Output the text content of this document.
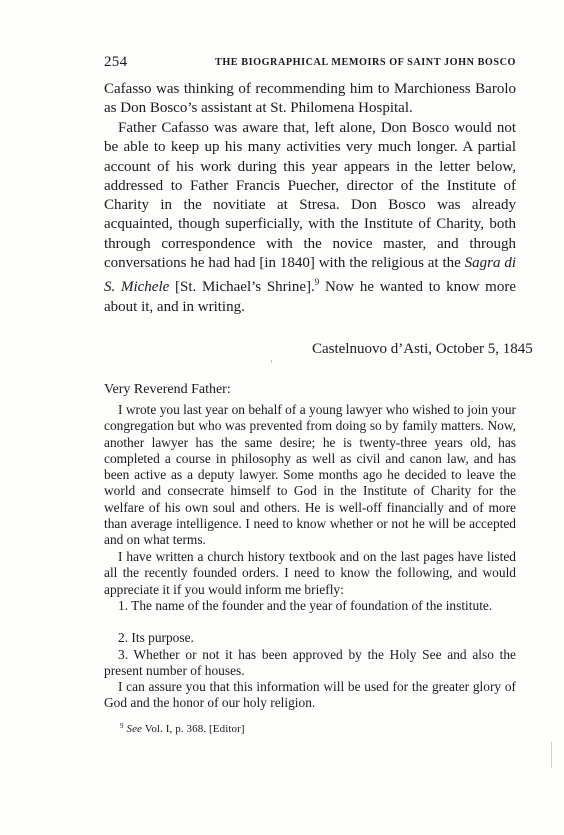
254	THE BIOGRAPHICAL MEMOIRS OF SAINT JOHN BOSCO

Cafasso was thinking of recommending him to Marchioness Barolo as Don Bosco’s assistant at St. Philomena Hospital.

Father Cafasso was aware that, left alone, Don Bosco would not be able to keep up his many activities very much longer. A partial account of his work during this year appears in the letter below, addressed to Father Francis Puecher, director of the Institute of Charity in the novitiate at Stresa. Don Bosco was already acquainted, though superficially, with the Institute of Charity, both through correspondence with the novice master, and through conversations he had had [in 1840] with the religious at the Sagra di S. Michele [St. Michael’s Shrine].$^9$ Now he wanted to know more about it, and in writing.

Castelnuovo d’Asti, October 5, 1845
Very Reverend Father:

I wrote you last year on behalf of a young lawyer who wished to join your congregation but who was prevented from doing so by family matters. Now, another lawyer has the same desire; he is twenty-three years old, has completed a course in philosophy as well as civil and canon law, and has been active as a deputy lawyer. Some months ago he decided to leave the world and consecrate himself to God in the Institute of Charity for the welfare of his own soul and others. He is well-off financially and of more than average intelligence. I need to know whether or not he will be accepted and on what terms.

I have written a church history textbook and on the last pages have listed all the recently founded orders. I need to know the following, and would appreciate it if you would inform me briefly:

1. The name of the founder and the year of foundation of the institute.

2. Its purpose.

3. Whether or not it has been approved by the Holy See and also the present number of houses.

I can assure you that this information will be used for the greater glory of God and the honor of our holy religion.

$^9$ See Vol. I, p. 368. [Editor]
